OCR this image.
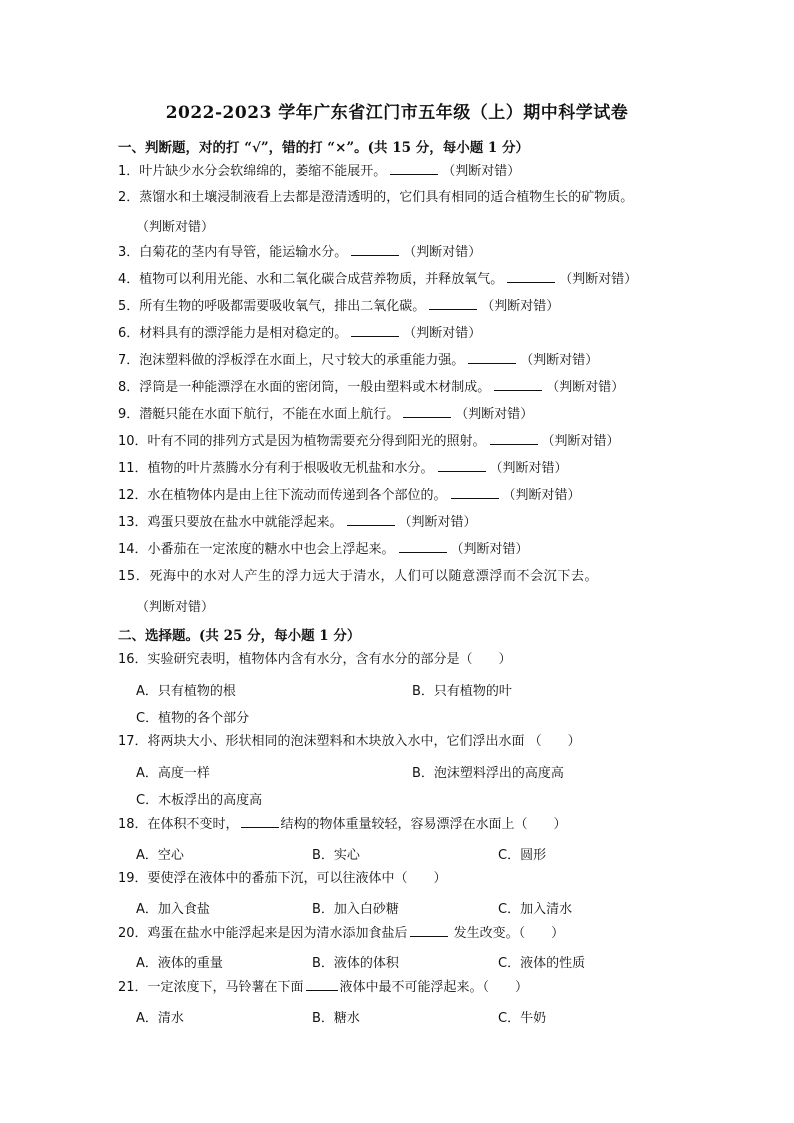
2022-2023 学年广东省江门市五年级（上）期中科学试卷
一、判断题，对的打 “√”，错的打 “×”。(共 15 分，每小题 1 分）
1．叶片缺少水分会软绵绵的，萎缩不能展开。	（判断对错）
2．蒸馏水和土壤浸制液看上去都是澄清透明的，它们具有相同的适合植物生长的矿物质。
（判断对错）
3．白菊花的茎内有导管，能运输水分。	（判断对错）
4．植物可以利用光能、水和二氧化碳合成营养物质，并释放氧气。	（判断对错）
5．所有生物的呼吸都需要吸收氧气，排出二氧化碳。	（判断对错）
6．材料具有的漂浮能力是相对稳定的。	（判断对错）
7．泡沫塑料做的浮板浮在水面上，尺寸较大的承重能力强。	（判断对错）
8．浮筒是一种能漂浮在水面的密闭筒，一般由塑料或木材制成。	（判断对错）
9．潜艇只能在水面下航行，不能在水面上航行。	（判断对错）
10．叶有不同的排列方式是因为植物需要充分得到阳光的照射。	（判断对错）
11．植物的叶片蒸腾水分有利于根吸收无机盐和水分。	（判断对错）
12．水在植物体内是由上往下流动而传递到各个部位的。	（判断对错）
13．鸡蛋只要放在盐水中就能浮起来。	（判断对错）
14．小番茄在一定浓度的糖水中也会上浮起来。	（判断对错）
15．死海中的水对人产生的浮力远大于清水，人们可以随意漂浮而不会沉下去。
（判断对错）
二、选择题。(共 25 分，每小题 1 分）
16．实验研究表明，植物体内含有水分，含有水分的部分是（　　）
A．只有植物的根	B．只有植物的叶
C．植物的各个部分
17．将两块大小、形状相同的泡沫塑料和木块放入水中，它们浮出水面 （　　）
A．高度一样	B．泡沫塑料浮出的高度高
C．木板浮出的高度高
18．在体积不变时，	结构的物体重量较轻，容易漂浮在水面上（　　）
A．空心	B．实心	C．圆形
19．要使浮在液体中的番茄下沉，可以往液体中（　　）
A．加入食盐	B．加入白砂糖	C．加入清水
20．鸡蛋在盐水中能浮起来是因为清水添加食盐后	发生改变。（　　）
A．液体的重量	B．液体的体积	C．液体的性质
21．一定浓度下，马铃薯在下面	液体中最不可能浮起来。（　　）
A．清水	B．糖水	C．牛奶
